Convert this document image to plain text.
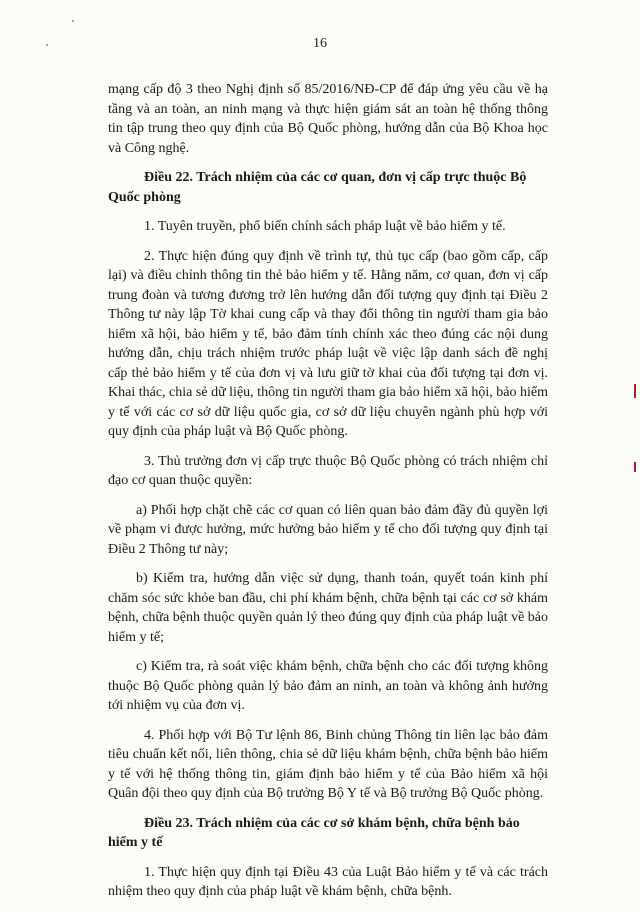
16

mạng cấp độ 3 theo Nghị định số 85/2016/NĐ-CP để đáp ứng yêu cầu về hạ tầng và an toàn, an ninh mạng và thực hiện giám sát an toàn hệ thống thông tin tập trung theo quy định của Bộ Quốc phòng, hướng dẫn của Bộ Khoa học và Công nghệ.

Điều 22. Trách nhiệm của các cơ quan, đơn vị cấp trực thuộc Bộ Quốc phòng

1. Tuyên truyền, phổ biến chính sách pháp luật về bảo hiểm y tế.

2. Thực hiện đúng quy định về trình tự, thủ tục cấp (bao gồm cấp, cấp lại) và điều chỉnh thông tin thẻ bảo hiểm y tế. Hằng năm, cơ quan, đơn vị cấp trung đoàn và tương đương trở lên hướng dẫn đối tượng quy định tại Điều 2 Thông tư này lập Tờ khai cung cấp và thay đổi thông tin người tham gia bảo hiểm xã hội, bảo hiểm y tế, bảo đảm tính chính xác theo đúng các nội dung hướng dẫn, chịu trách nhiệm trước pháp luật về việc lập danh sách đề nghị cấp thẻ bảo hiểm y tế của đơn vị và lưu giữ tờ khai của đối tượng tại đơn vị. Khai thác, chia sẻ dữ liệu, thông tin người tham gia bảo hiểm xã hội, bảo hiểm y tế với các cơ sở dữ liệu quốc gia, cơ sở dữ liệu chuyên ngành phù hợp với quy định của pháp luật và Bộ Quốc phòng.

3. Thủ trưởng đơn vị cấp trực thuộc Bộ Quốc phòng có trách nhiệm chỉ đạo cơ quan thuộc quyền:

a) Phối hợp chặt chẽ các cơ quan có liên quan bảo đảm đầy đủ quyền lợi về phạm vi được hưởng, mức hưởng bảo hiểm y tế cho đối tượng quy định tại Điều 2 Thông tư này;

b) Kiểm tra, hướng dẫn việc sử dụng, thanh toán, quyết toán kinh phí chăm sóc sức khỏe ban đầu, chi phí khám bệnh, chữa bệnh tại các cơ sở khám bệnh, chữa bệnh thuộc quyền quản lý theo đúng quy định của pháp luật về bảo hiểm y tế;

c) Kiểm tra, rà soát việc khám bệnh, chữa bệnh cho các đối tượng không thuộc Bộ Quốc phòng quản lý bảo đảm an ninh, an toàn và không ảnh hưởng tới nhiệm vụ của đơn vị.

4. Phối hợp với Bộ Tư lệnh 86, Binh chủng Thông tin liên lạc bảo đảm tiêu chuẩn kết nối, liên thông, chia sẻ dữ liệu khám bệnh, chữa bệnh bảo hiểm y tế với hệ thống thông tin, giám định bảo hiểm y tế của Bảo hiểm xã hội Quân đội theo quy định của Bộ trưởng Bộ Y tế và Bộ trưởng Bộ Quốc phòng.

Điều 23. Trách nhiệm của các cơ sở khám bệnh, chữa bệnh bảo hiểm y tế

1. Thực hiện quy định tại Điều 43 của Luật Bảo hiểm y tế và các trách nhiệm theo quy định của pháp luật về khám bệnh, chữa bệnh.
